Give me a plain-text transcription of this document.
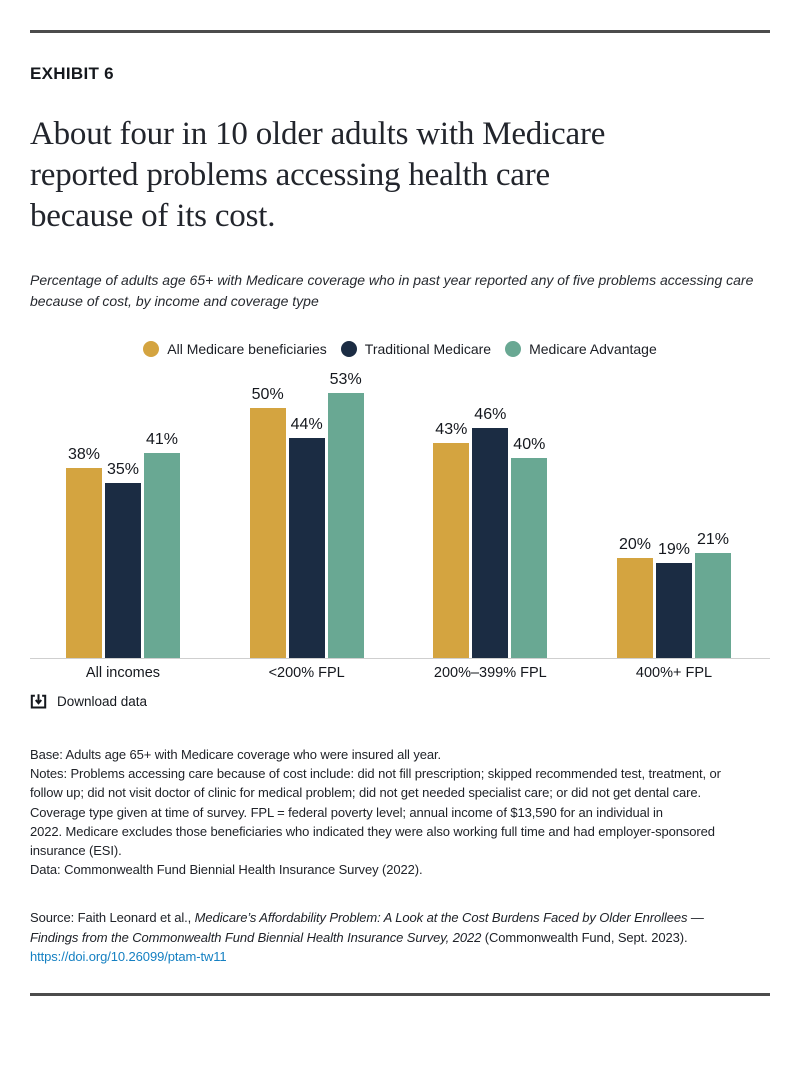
EXHIBIT 6
About four in 10 older adults with Medicare
reported problems accessing health care
because of its cost.
Percentage of adults age 65+ with Medicare coverage who in past year reported any of five problems accessing care
because of cost, by income and coverage type
All Medicare beneficiaries	Traditional Medicare	Medicare Advantage
38%
35%
41%
50%
44%
53%
43%
46%
40%
20% 19%
21%
All incomes	<200% FPL	200%–399% FPL	400%+ FPL
Download data
Base: Adults age 65+ with Medicare coverage who were insured all year.
Notes: Problems accessing care because of cost include: did not fill prescription; skipped recommended test, treatment, or
follow up; did not visit doctor of clinic for medical problem; did not get needed specialist care; or did not get dental care.
Coverage type given at time of survey. FPL = federal poverty level; annual income of $13,590 for an individual in
2022. Medicare excludes those beneficiaries who indicated they were also working full time and had employer-sponsored
insurance (ESI).
Data: Commonwealth Fund Biennial Health Insurance Survey (2022).
Source: Faith Leonard et al., Medicare’s Affordability Problem: A Look at the Cost Burdens Faced by Older Enrollees —
Findings from the Commonwealth Fund Biennial Health Insurance Survey, 2022 (Commonwealth Fund, Sept. 2023).
https://doi.org/10.26099/ptam-tw11
